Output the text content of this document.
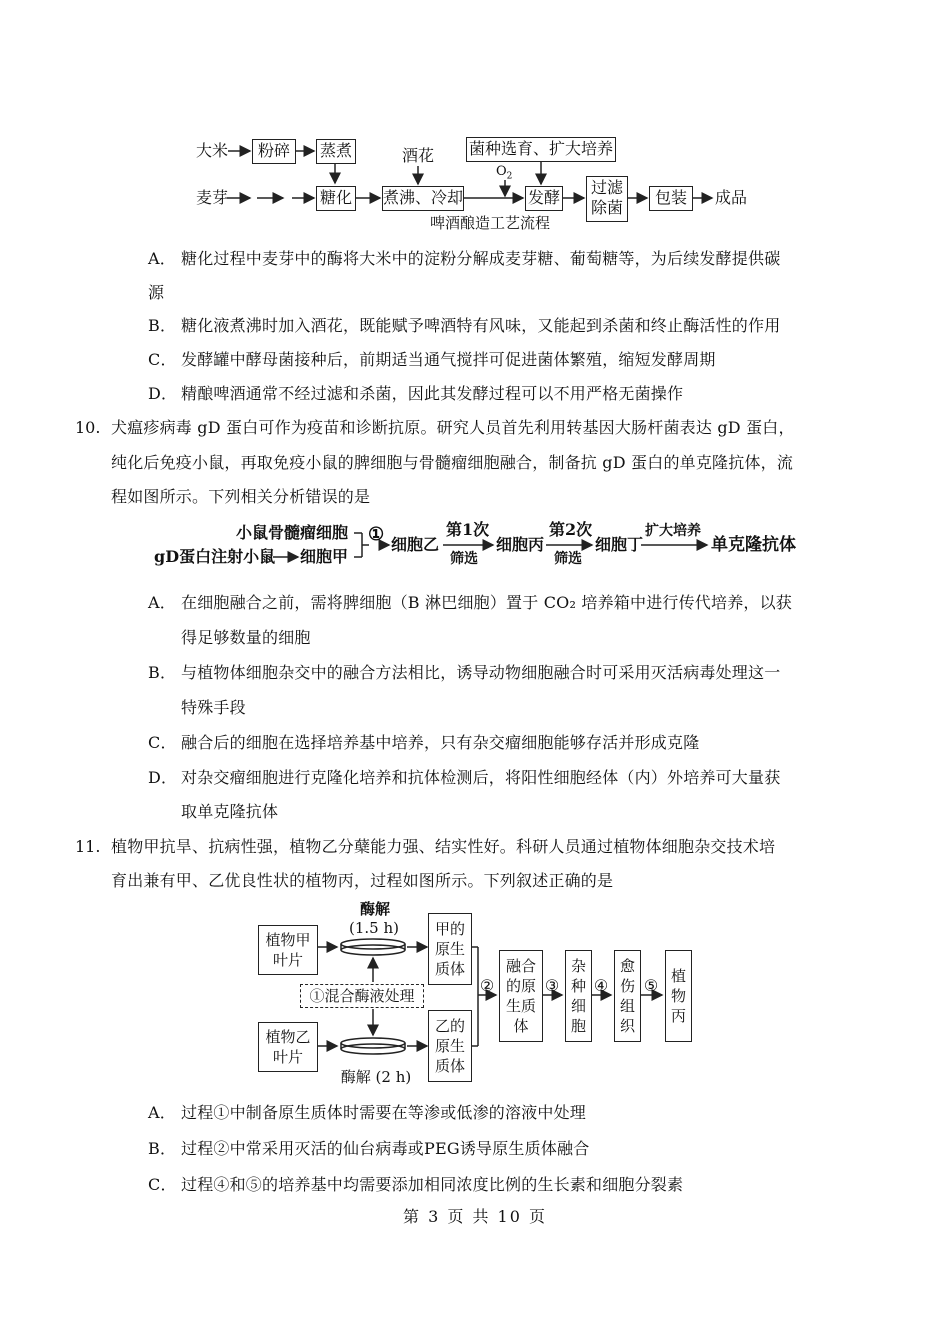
大米	粉碎	蒸煮	酒花 菌种选育、扩大培养
麦芽	糖化 煮沸、冷却
$O_2$
发酵
过滤除菌
包装	成品
啤酒酿造工艺流程
A． 糖化过程中麦芽中的酶将大米中的淀粉分解成麦芽糖、葡萄糖等，为后续发酵提供碳
源
B． 糖化液煮沸时加入酒花，既能赋予啤酒特有风味，又能起到杀菌和终止酶活性的作用
C． 发酵罐中酵母菌接种后，前期适当通气搅拌可促进菌体繁殖，缩短发酵周期
D． 精酿啤酒通常不经过滤和杀菌，因此其发酵过程可以不用严格无菌操作
10. 犬瘟疹病毒 gD 蛋白可作为疫苗和诊断抗原。研究人员首先利用转基因大肠杆菌表达 gD 蛋白，
纯化后免疫小鼠，再取免疫小鼠的脾细胞与骨髓瘤细胞融合，制备抗 gD 蛋白的单克隆抗体，流
程如图所示。下列相关分析错误的是
小鼠骨髓瘤细胞
gD蛋白注射小鼠 细胞甲
① 细胞乙
第1次
筛选
细胞丙
第2次
筛选
细胞丁
扩大培养
单克隆抗体
A． 在细胞融合之前，需将脾细胞（B 淋巴细胞）置于 CO₂ 培养箱中进行传代培养，以获
得足够数量的细胞
B． 与植物体细胞杂交中的融合方法相比，诱导动物细胞融合时可采用灭活病毒处理这一
特殊手段
C． 融合后的细胞在选择培养基中培养，只有杂交瘤细胞能够存活并形成克隆
D． 对杂交瘤细胞进行克隆化培养和抗体检测后，将阳性细胞经体（内）外培养可大量获
取单克隆抗体
11. 植物甲抗旱、抗病性强，植物乙分蘖能力强、结实性好。科研人员通过植物体细胞杂交技术培
育出兼有甲、乙优良性状的植物丙，过程如图所示。下列叙述正确的是
酶解
(1.5 h)
植物甲
叶片
甲的
原生
质体
①混合酶液处理
植物乙
叶片
乙的
原生
质体
酶解 (2 h)
②
融合
的原
生质
体
③
杂
种
细
胞
④
愈
伤
组
织
⑤ 植
物
丙
A． 过程①中制备原生质体时需要在等渗或低渗的溶液中处理
B． 过程②中常采用灭活的仙台病毒或PEG诱导原生质体融合
C． 过程④和⑤的培养基中均需要添加相同浓度比例的生长素和细胞分裂素
第 3 页 共 10 页
